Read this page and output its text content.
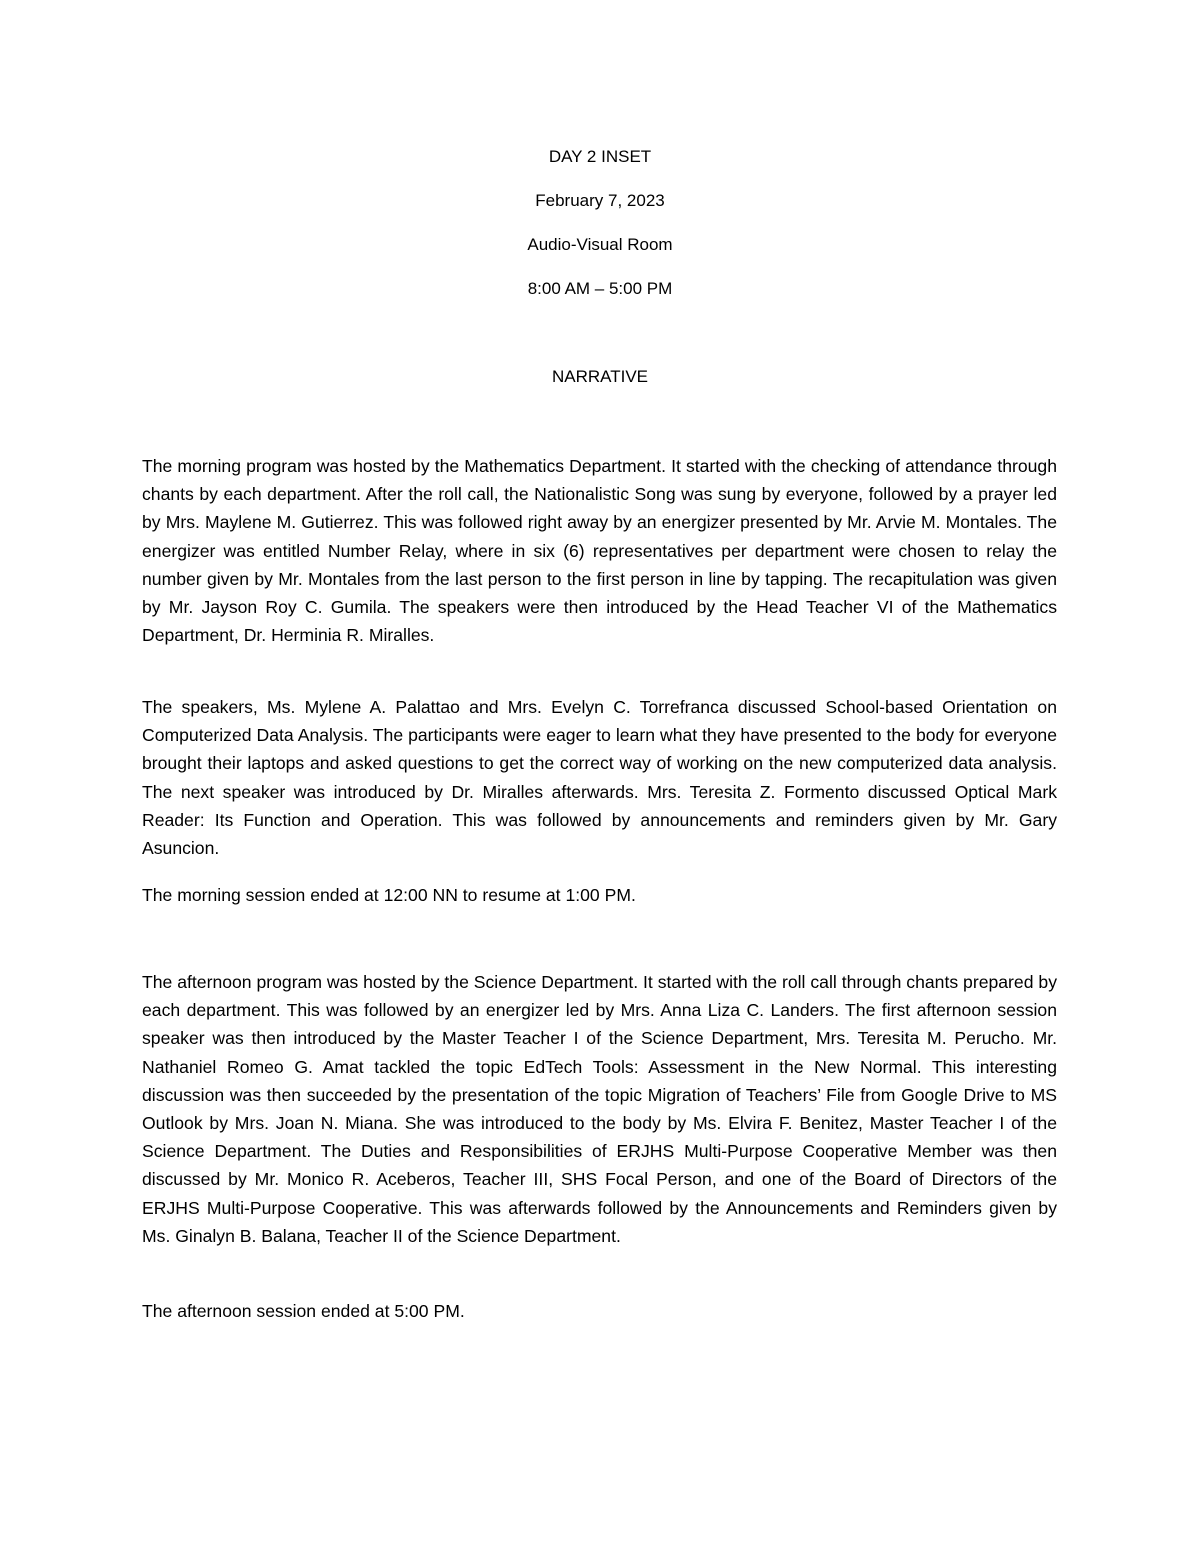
DAY 2 INSET
February 7, 2023
Audio-Visual Room
8:00 AM – 5:00 PM
NARRATIVE

The morning program was hosted by the Mathematics Department. It started with the checking of attendance through chants by each department. After the roll call, the Nationalistic Song was sung by everyone, followed by a prayer led by Mrs. Maylene M. Gutierrez. This was followed right away by an energizer presented by Mr. Arvie M. Montales. The energizer was entitled Number Relay, where in six (6) representatives per department were chosen to relay the number given by Mr. Montales from the last person to the first person in line by tapping. The recapitulation was given by Mr. Jayson Roy C. Gumila. The speakers were then introduced by the Head Teacher VI of the Mathematics Department, Dr. Herminia R. Miralles.

The speakers, Ms. Mylene A. Palattao and Mrs. Evelyn C. Torrefranca discussed School-based Orientation on Computerized Data Analysis. The participants were eager to learn what they have presented to the body for everyone brought their laptops and asked questions to get the correct way of working on the new computerized data analysis. The next speaker was introduced by Dr. Miralles afterwards. Mrs. Teresita Z. Formento discussed Optical Mark Reader: Its Function and Operation. This was followed by announcements and reminders given by Mr. Gary Asuncion.

The morning session ended at 12:00 NN to resume at 1:00 PM.

The afternoon program was hosted by the Science Department. It started with the roll call through chants prepared by each department. This was followed by an energizer led by Mrs. Anna Liza C. Landers. The first afternoon session speaker was then introduced by the Master Teacher I of the Science Department, Mrs. Teresita M. Perucho. Mr. Nathaniel Romeo G. Amat tackled the topic EdTech Tools: Assessment in the New Normal. This interesting discussion was then succeeded by the presentation of the topic Migration of Teachers’ File from Google Drive to MS Outlook by Mrs. Joan N. Miana. She was introduced to the body by Ms. Elvira F. Benitez, Master Teacher I of the Science Department. The Duties and Responsibilities of ERJHS Multi-Purpose Cooperative Member was then discussed by Mr. Monico R. Aceberos, Teacher III, SHS Focal Person, and one of the Board of Directors of the ERJHS Multi-Purpose Cooperative. This was afterwards followed by the Announcements and Reminders given by Ms. Ginalyn B. Balana, Teacher II of the Science Department.

The afternoon session ended at 5:00 PM.
